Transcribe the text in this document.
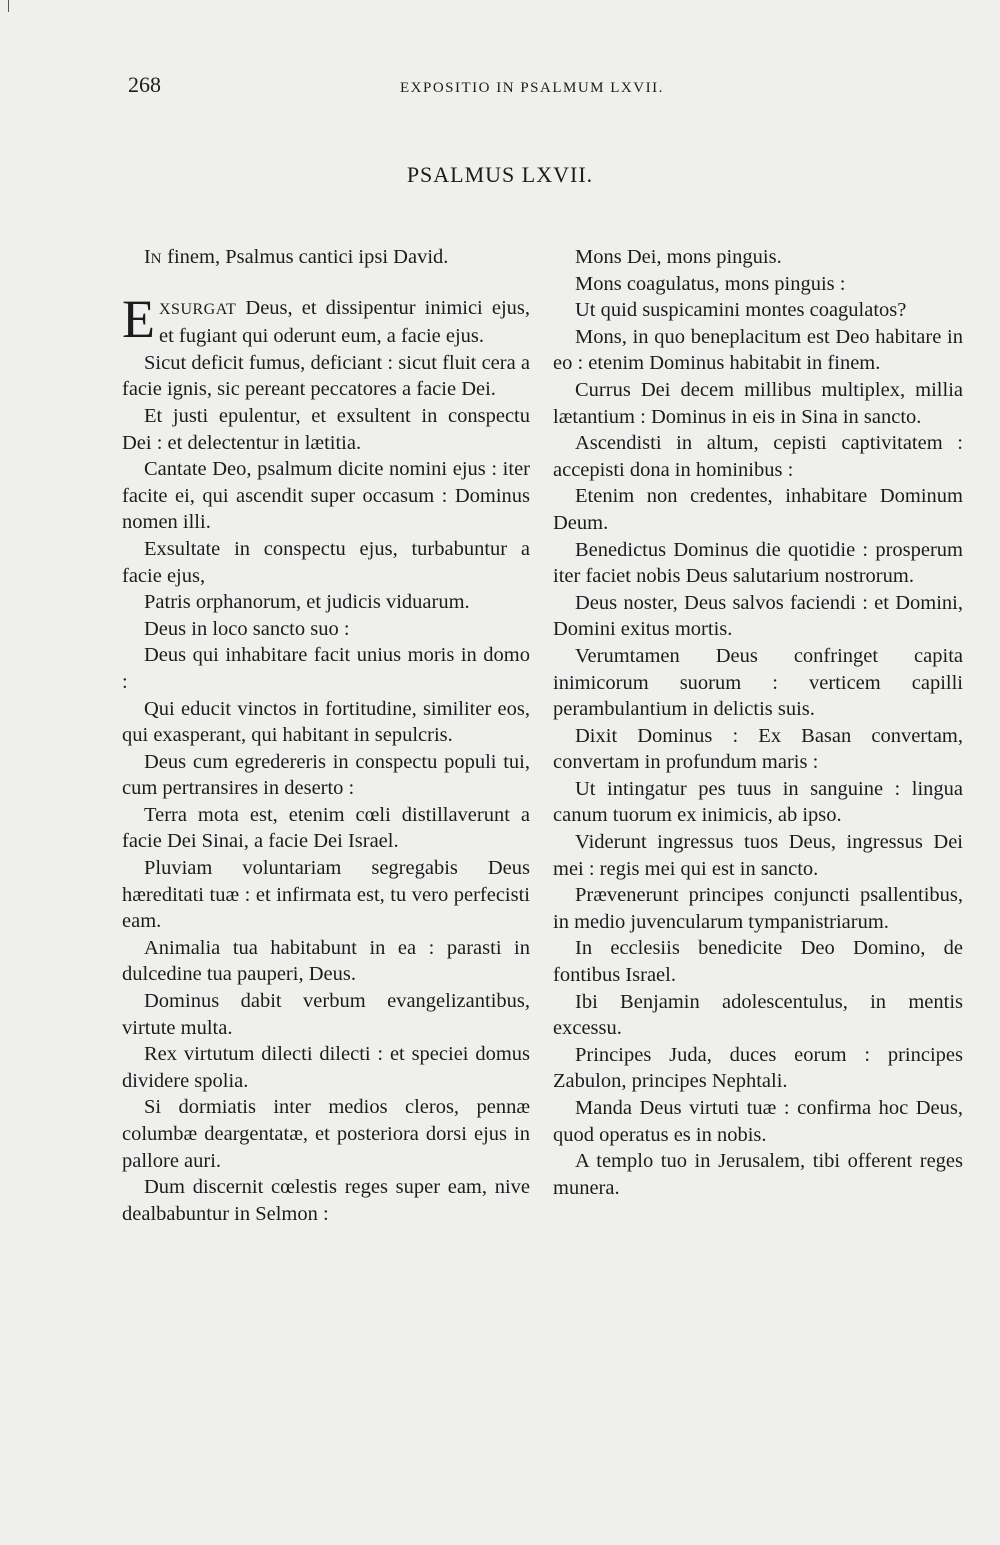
268	EXPOSITIO IN PSALMUM LXVII.
PSALMUS LXVII.

IN finem, Psalmus cantici ipsi David.

EXSURGAT Deus, et dissipentur inimici ejus, et fugiant qui oderunt eum, a facie ejus.

Sicut deficit fumus, deficiant : sicut fluit cera a facie ignis, sic pereant peccatores a facie Dei.

Et justi epulentur, et exsultent in conspectu Dei : et delectentur in lætitia.

Cantate Deo, psalmum dicite nomini ejus : iter facite ei, qui ascendit super occasum : Dominus nomen illi.

Exsultate in conspectu ejus, turbabuntur a facie ejus,

Patris orphanorum, et judicis viduarum.

Deus in loco sancto suo :

Deus qui inhabitare facit unius moris in domo :

Qui educit vinctos in fortitudine, similiter eos, qui exasperant, qui habitant in sepulcris.

Deus cum egredereris in conspectu populi tui, cum pertransires in deserto :

Terra mota est, etenim cœli distillaverunt a facie Dei Sinai, a facie Dei Israel.

Pluviam voluntariam segregabis Deus hæreditati tuæ : et infirmata est, tu vero perfecisti eam.

Animalia tua habitabunt in ea : parasti in dulcedine tua pauperi, Deus.

Dominus dabit verbum evangelizantibus, virtute multa.

Rex virtutum dilecti dilecti : et speciei domus dividere spolia.

Si dormiatis inter medios cleros, pennæ columbæ deargentatæ, et posteriora dorsi ejus in pallore auri.

Dum discernit cœlestis reges super eam, nive dealbabuntur in Selmon :

Mons Dei, mons pinguis.

Mons coagulatus, mons pinguis :

Ut quid suspicamini montes coagulatos?

Mons, in quo beneplacitum est Deo habitare in eo : etenim Dominus habitabit in finem.

Currus Dei decem millibus multiplex, millia lætantium : Dominus in eis in Sina in sancto.

Ascendisti in altum, cepisti captivitatem : accepisti dona in hominibus :

Etenim non credentes, inhabitare Dominum Deum.

Benedictus Dominus die quotidie : prosperum iter faciet nobis Deus salutarium nostrorum.

Deus noster, Deus salvos faciendi : et Domini, Domini exitus mortis.

Verumtamen Deus confringet capita inimicorum suorum : verticem capilli perambulantium in delictis suis.

Dixit Dominus : Ex Basan convertam, convertam in profundum maris :

Ut intingatur pes tuus in sanguine : lingua canum tuorum ex inimicis, ab ipso.

Viderunt ingressus tuos Deus, ingressus Dei mei : regis mei qui est in sancto.

Prævenerunt principes conjuncti psallentibus, in medio juvencularum tympanistriarum.

In ecclesiis benedicite Deo Domino, de fontibus Israel.

Ibi Benjamin adolescentulus, in mentis excessu.

Principes Juda, duces eorum : principes Zabulon, principes Nephtali.

Manda Deus virtuti tuæ : confirma hoc Deus, quod operatus es in nobis.

A templo tuo in Jerusalem, tibi offerent reges munera.
